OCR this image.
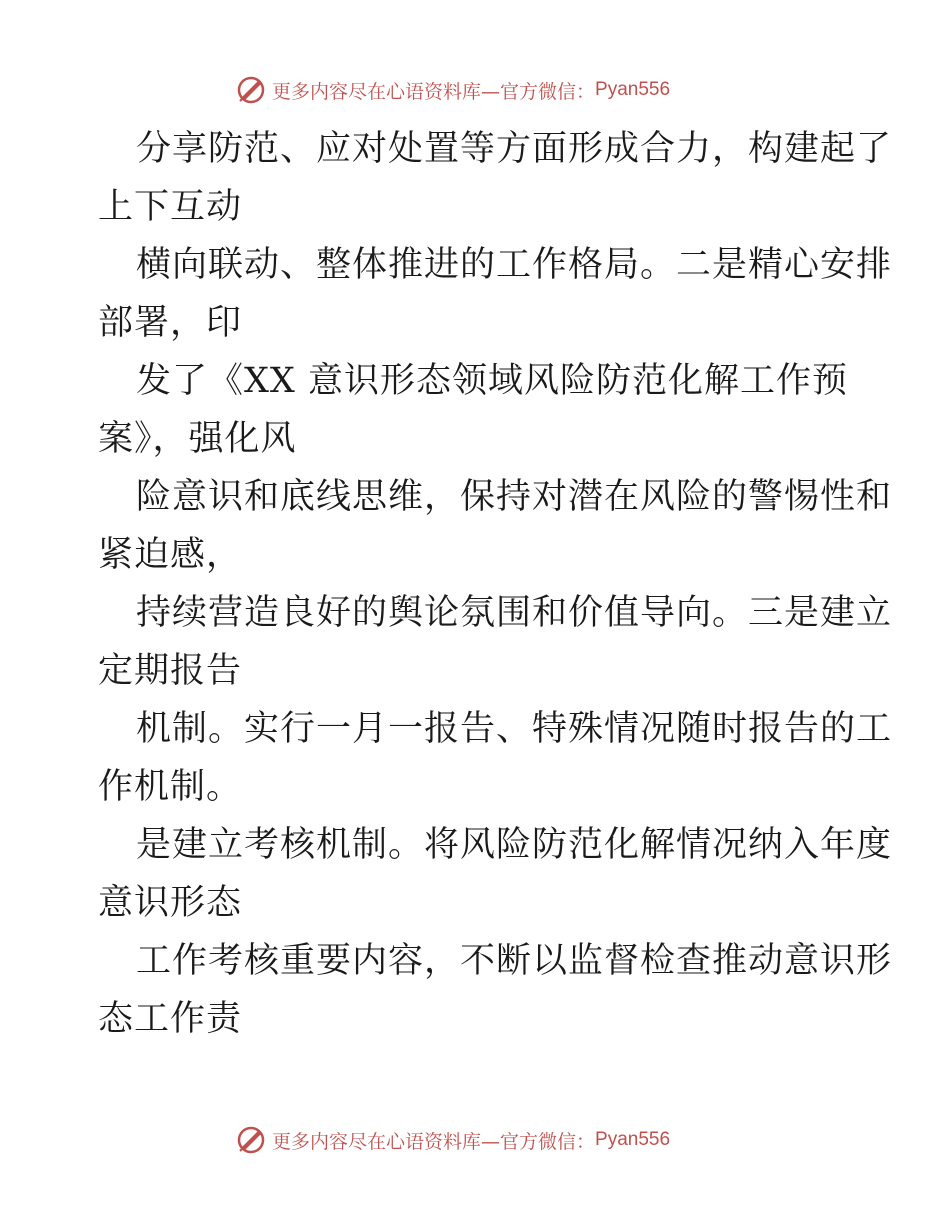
更多内容尽在心语资料库—官方微信： Pyan556
分享防范、应对处置等方面形成合力，构建起了
上下互动
横向联动、整体推进的工作格局。二是精心安排
部署，印
发了《XX 意识形态领域风险防范化解工作预
案》，强化风
险意识和底线思维，保持对潜在风险的警惕性和
紧迫感，
持续营造良好的舆论氛围和价值导向。三是建立
定期报告
机制。实行一月一报告、特殊情况随时报告的工
作机制。
是建立考核机制。将风险防范化解情况纳入年度
意识形态
工作考核重要内容，不断以监督检查推动意识形
态工作责
更多内容尽在心语资料库—官方微信： Pyan556
